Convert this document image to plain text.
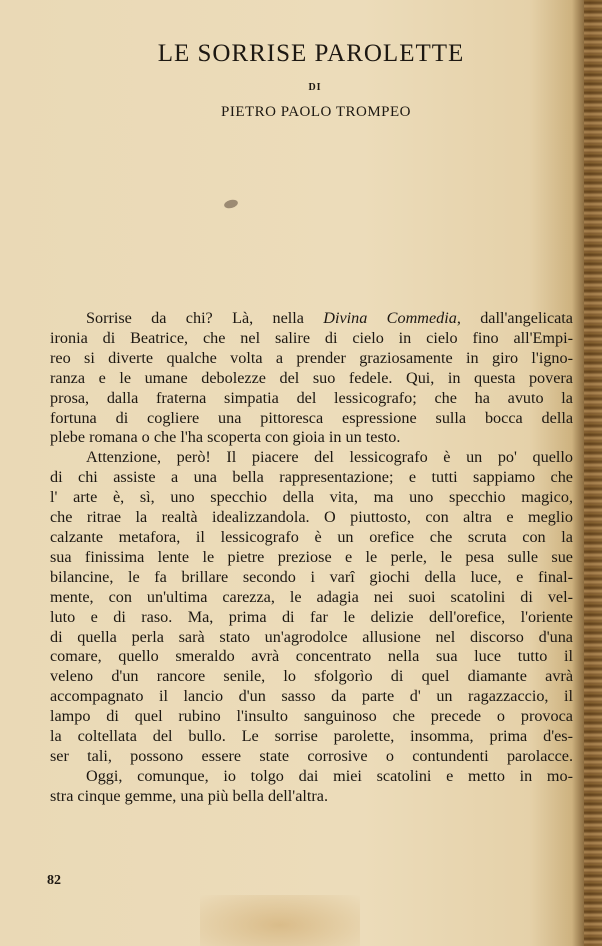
LE SORRISE PAROLETTE
DI
PIETRO PAOLO TROMPEO
Sorrise da chi? Là, nella Divina Commedia, dall'angelicata
ironia di Beatrice, che nel salire di cielo in cielo fino all'Empi-
reo si diverte qualche volta a prender graziosamente in giro l'igno-
ranza e le umane debolezze del suo fedele. Qui, in questa povera
prosa, dalla fraterna simpatia del lessicografo; che ha avuto la
fortuna di cogliere una pittoresca espressione sulla bocca della
plebe romana o che l'ha scoperta con gioia in un testo.
Attenzione, però! Il piacere del lessicografo è un po' quello
di chi assiste a una bella rappresentazione; e tutti sappiamo che
l' arte è, sì, uno specchio della vita, ma uno specchio magico,
che ritrae la realtà idealizzandola. O piuttosto, con altra e meglio
calzante metafora, il lessicografo è un orefice che scruta con la
sua finissima lente le pietre preziose e le perle, le pesa sulle sue
bilancine, le fa brillare secondo i varî giochi della luce, e final-
mente, con un'ultima carezza, le adagia nei suoi scatolini di vel-
luto e di raso. Ma, prima di far le delizie dell'orefice, l'oriente
di quella perla sarà stato un'agrodolce allusione nel discorso d'una
comare, quello smeraldo avrà concentrato nella sua luce tutto il
veleno d'un rancore senile, lo sfolgorìo di quel diamante avrà
accompagnato il lancio d'un sasso da parte d' un ragazzaccio, il
lampo di quel rubino l'insulto sanguinoso che precede o provoca
la coltellata del bullo. Le sorrise parolette, insomma, prima d'es-
ser tali, possono essere state corrosive o contundenti parolacce.
Oggi, comunque, io tolgo dai miei scatolini e metto in mo-
stra cinque gemme, una più bella dell'altra.
82
